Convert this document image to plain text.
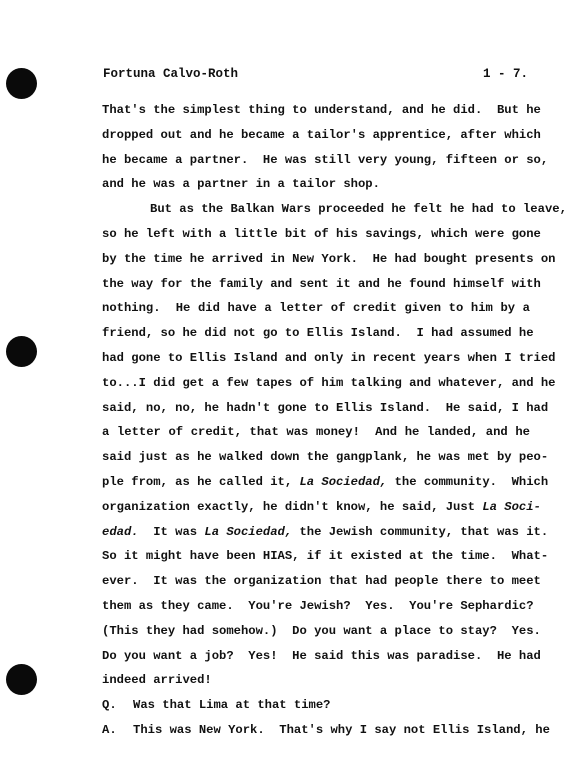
Fortuna Calvo-Roth	1 - 7.
That's the simplest thing to understand, and he did.  But he
dropped out and he became a tailor's apprentice, after which
he became a partner.  He was still very young, fifteen or so,
and he was a partner in a tailor shop.
But as the Balkan Wars proceeded he felt he had to leave,
so he left with a little bit of his savings, which were gone
by the time he arrived in New York.  He had bought presents on
the way for the family and sent it and he found himself with
nothing.  He did have a letter of credit given to him by a
friend, so he did not go to Ellis Island.  I had assumed he
had gone to Ellis Island and only in recent years when I tried
to...I did get a few tapes of him talking and whatever, and he
said, no, no, he hadn't gone to Ellis Island.  He said, I had
a letter of credit, that was money!  And he landed, and he
said just as he walked down the gangplank, he was met by peo-
ple from, as he called it, La Sociedad, the community.  Which
organization exactly, he didn't know, he said, Just La Soci-
edad.  It was La Sociedad, the Jewish community, that was it.
So it might have been HIAS, if it existed at the time.  What-
ever.  It was the organization that had people there to meet
them as they came.  You're Jewish?  Yes.  You're Sephardic?
(This they had somehow.)  Do you want a place to stay?  Yes.
Do you want a job?  Yes!  He said this was paradise.  He had
indeed arrived!
Q. Was that Lima at that time?
A. This was New York.  That's why I say not Ellis Island, he
